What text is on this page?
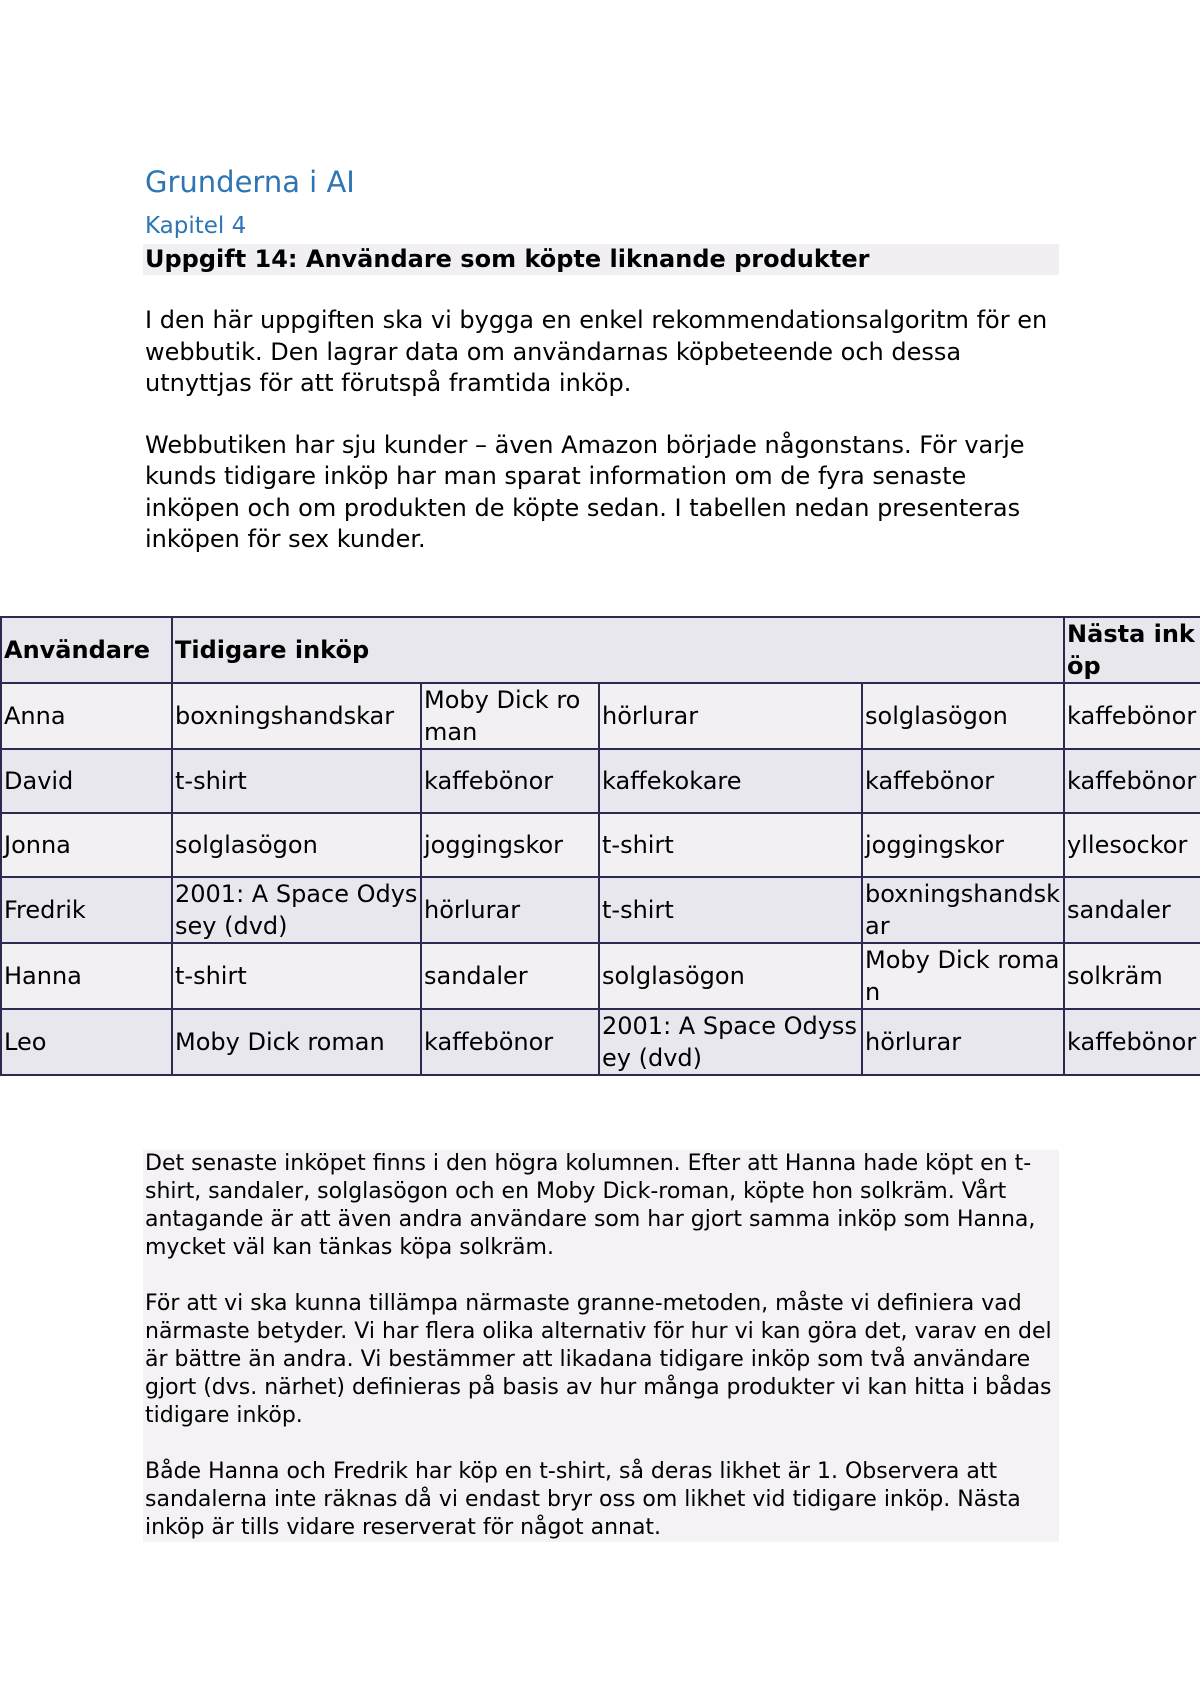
Grunderna i AI
Kapitel 4
Uppgift 14: Användare som köpte liknande produkter

I den här uppgiften ska vi bygga en enkel rekommendationsalgoritm för en webbutik. Den lagrar data om användarnas köpbeteende och dessa utnyttjas för att förutspå framtida inköp.

Webbutiken har sju kunder – även Amazon började någonstans. För varje kunds tidigare inköp har man sparat information om de fyra senaste inköpen och om produkten de köpte sedan. I tabellen nedan presenteras inköpen för sex kunder.

Användare	Tidigare inköp				Nästa inköp
Anna	boxningshandskar	Moby Dick roman	hörlurar	solglasögon	kaffebönor
David	t-shirt	kaffebönor	kaffekokare	kaffebönor	kaffebönor
Jonna	solglasögon	joggingskor	t-shirt	joggingskor	yllesockor
Fredrik	2001: A Space Odyssey (dvd)	hörlurar	t-shirt	boxningshandskar	sandaler
Hanna	t-shirt	sandaler	solglasögon	Moby Dick roman	solkräm
Leo	Moby Dick roman	kaffebönor	2001: A Space Odyssey (dvd)	hörlurar	kaffebönor

Det senaste inköpet finns i den högra kolumnen. Efter att Hanna hade köpt en t-shirt, sandaler, solglasögon och en Moby Dick-roman, köpte hon solkräm. Vårt antagande är att även andra användare som har gjort samma inköp som Hanna, mycket väl kan tänkas köpa solkräm.

För att vi ska kunna tillämpa närmaste granne-metoden, måste vi definiera vad närmaste betyder. Vi har flera olika alternativ för hur vi kan göra det, varav en del är bättre än andra. Vi bestämmer att likadana tidigare inköp som två användare gjort (dvs. närhet) definieras på basis av hur många produkter vi kan hitta i bådas tidigare inköp.

Både Hanna och Fredrik har köp en t-shirt, så deras likhet är 1. Observera att sandalerna inte räknas då vi endast bryr oss om likhet vid tidigare inköp. Nästa inköp är tills vidare reserverat för något annat.
